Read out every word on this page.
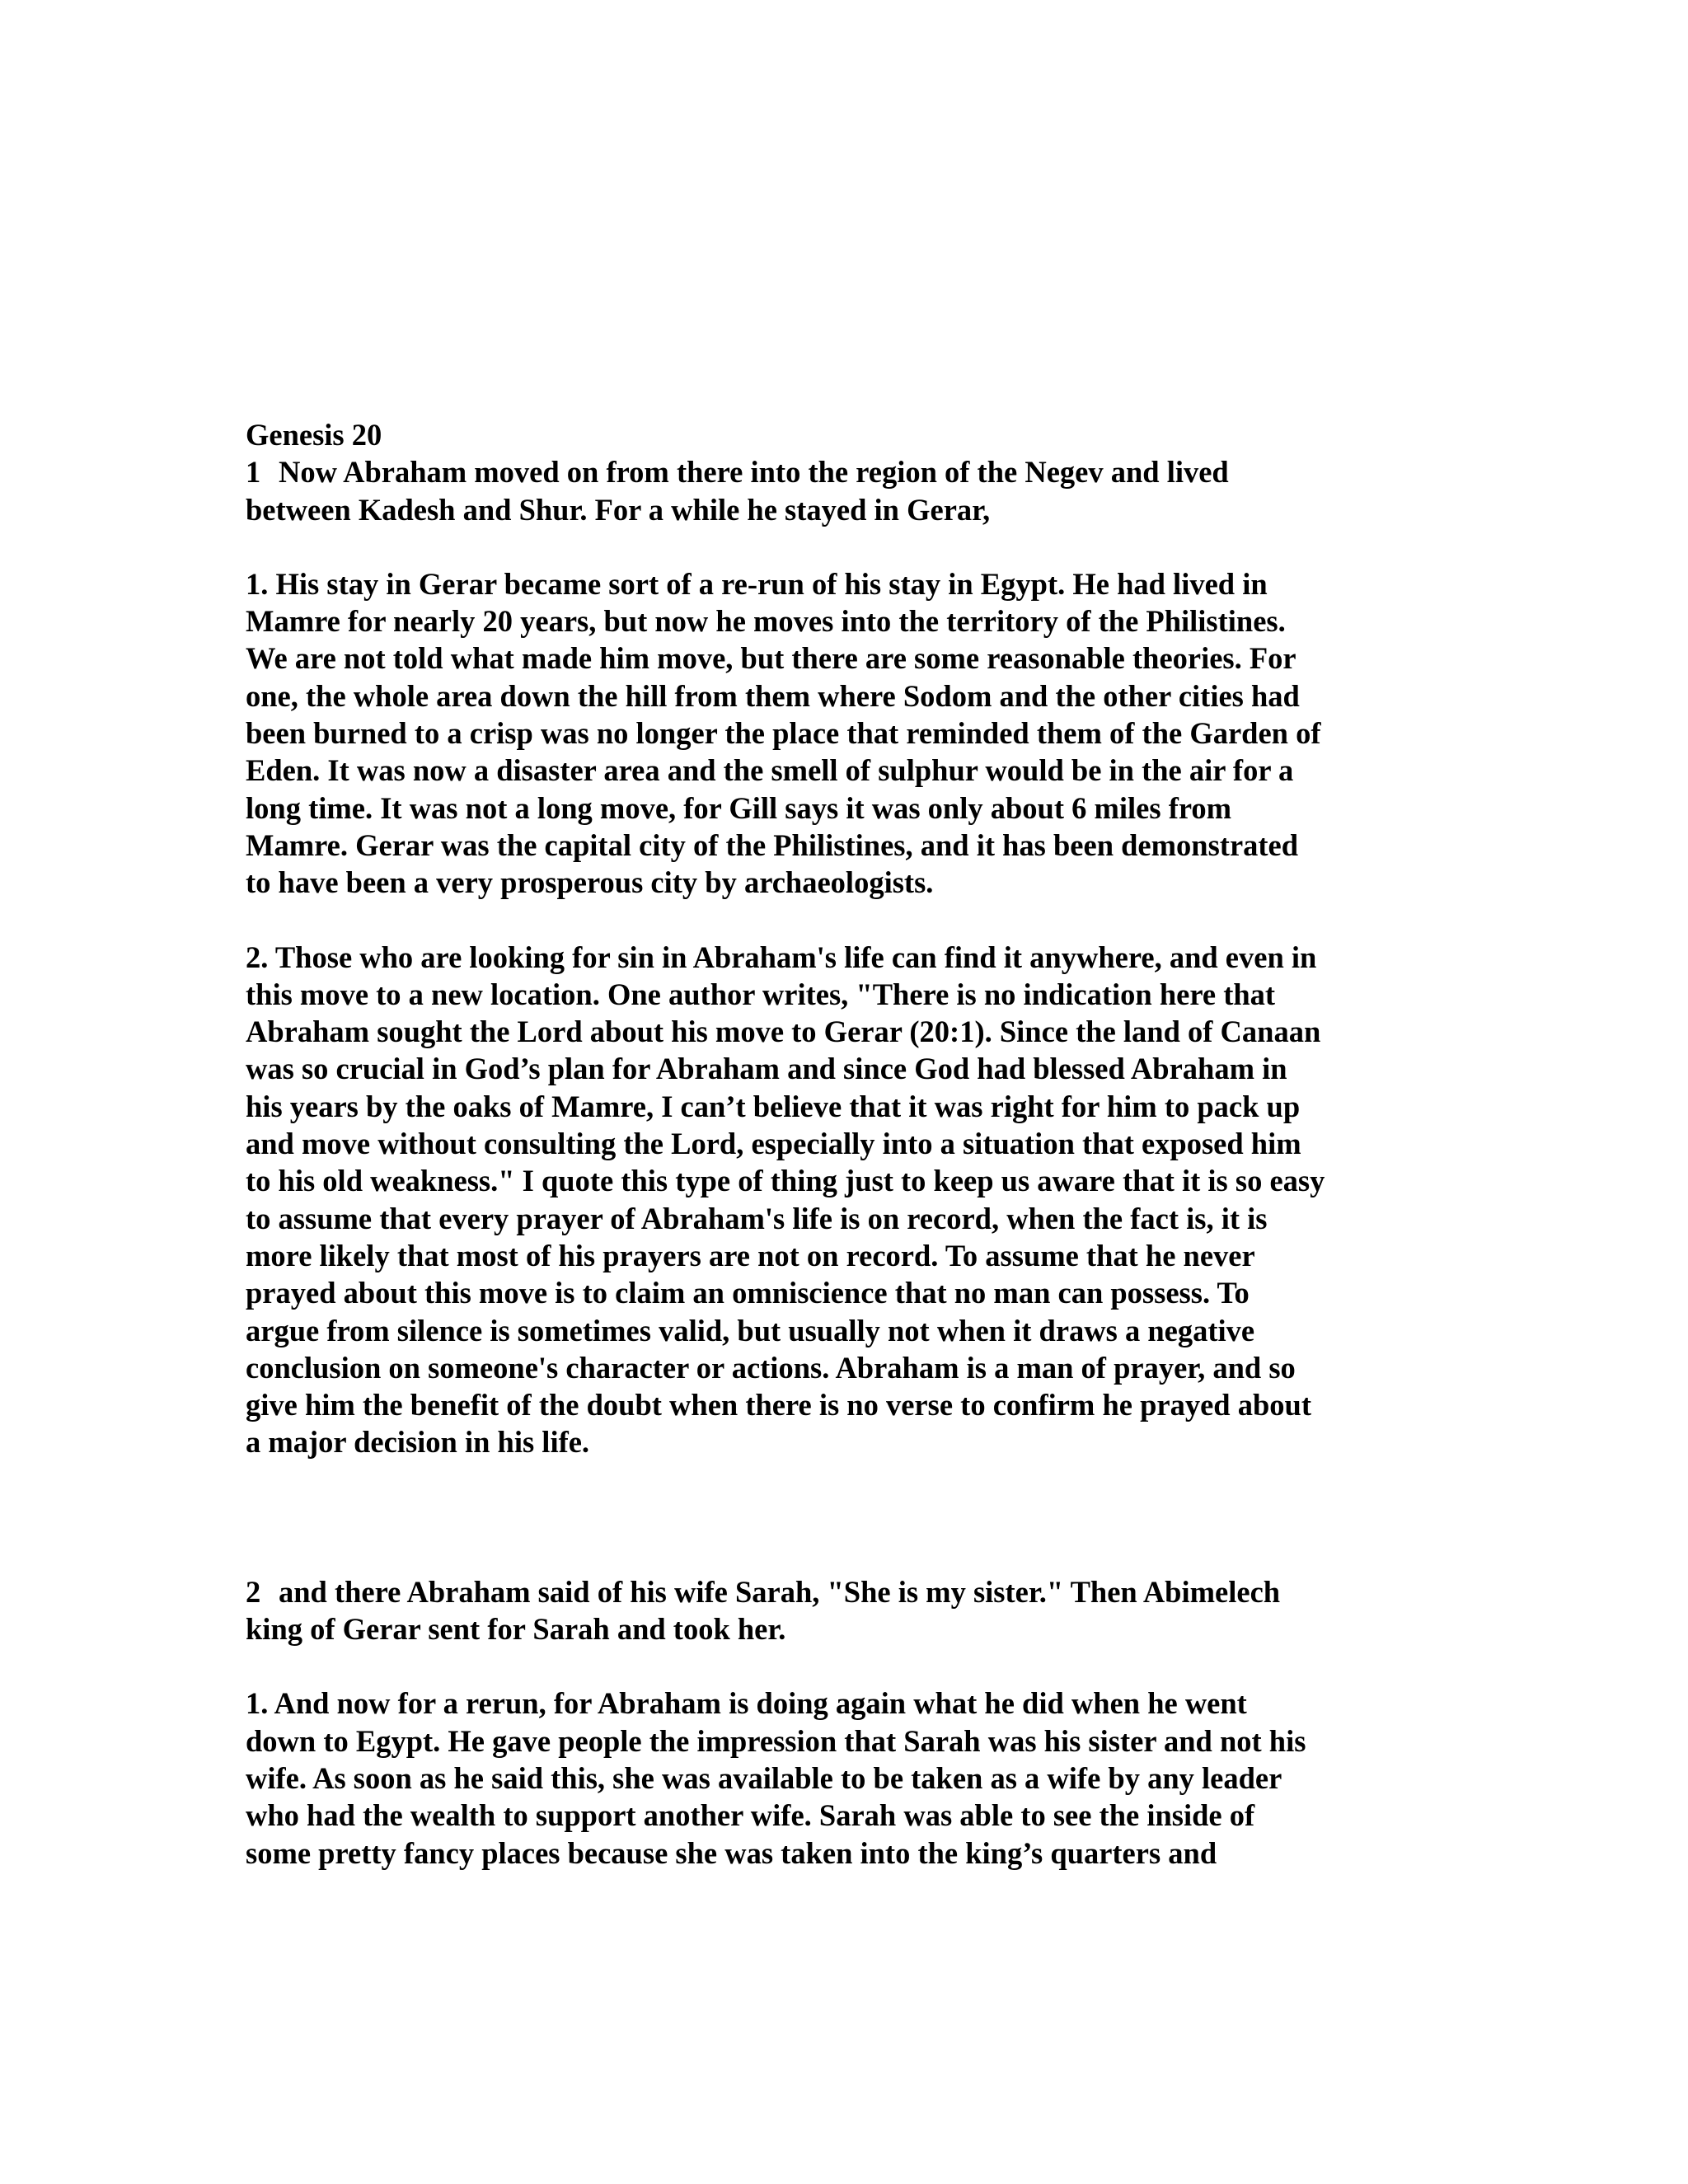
Genesis 20

1 Now Abraham moved on from there into the region of the Negev and lived

between Kadesh and Shur. For a while he stayed in Gerar,

1. His stay in Gerar became sort of a re-run of his stay in Egypt. He had lived in

Mamre for nearly 20 years, but now he moves into the territory of the Philistines.

We are not told what made him move, but there are some reasonable theories. For

one, the whole area down the hill from them where Sodom and the other cities had

been burned to a crisp was no longer the place that reminded them of the Garden of

Eden. It was now a disaster area and the smell of sulphur would be in the air for a

long time. It was not a long move, for Gill says it was only about 6 miles from

Mamre. Gerar was the capital city of the Philistines, and it has been demonstrated

to have been a very prosperous city by archaeologists.

2. Those who are looking for sin in Abraham's life can find it anywhere, and even in

this move to a new location. One author writes, "There is no indication here that

Abraham sought the Lord about his move to Gerar (20:1). Since the land of Canaan

was so crucial in God’s plan for Abraham and since God had blessed Abraham in

his years by the oaks of Mamre, I can’t believe that it was right for him to pack up

and move without consulting the Lord, especially into a situation that exposed him

to his old weakness." I quote this type of thing just to keep us aware that it is so easy

to assume that every prayer of Abraham's life is on record, when the fact is, it is

more likely that most of his prayers are not on record. To assume that he never

prayed about this move is to claim an omniscience that no man can possess. To

argue from silence is sometimes valid, but usually not when it draws a negative

conclusion on someone's character or actions. Abraham is a man of prayer, and so

give him the benefit of the doubt when there is no verse to confirm he prayed about

a major decision in his life.

2 and there Abraham said of his wife Sarah, "She is my sister." Then Abimelech

king of Gerar sent for Sarah and took her.

1. And now for a rerun, for Abraham is doing again what he did when he went

down to Egypt. He gave people the impression that Sarah was his sister and not his

wife. As soon as he said this, she was available to be taken as a wife by any leader

who had the wealth to support another wife. Sarah was able to see the inside of

some pretty fancy places because she was taken into the king’s quarters and
